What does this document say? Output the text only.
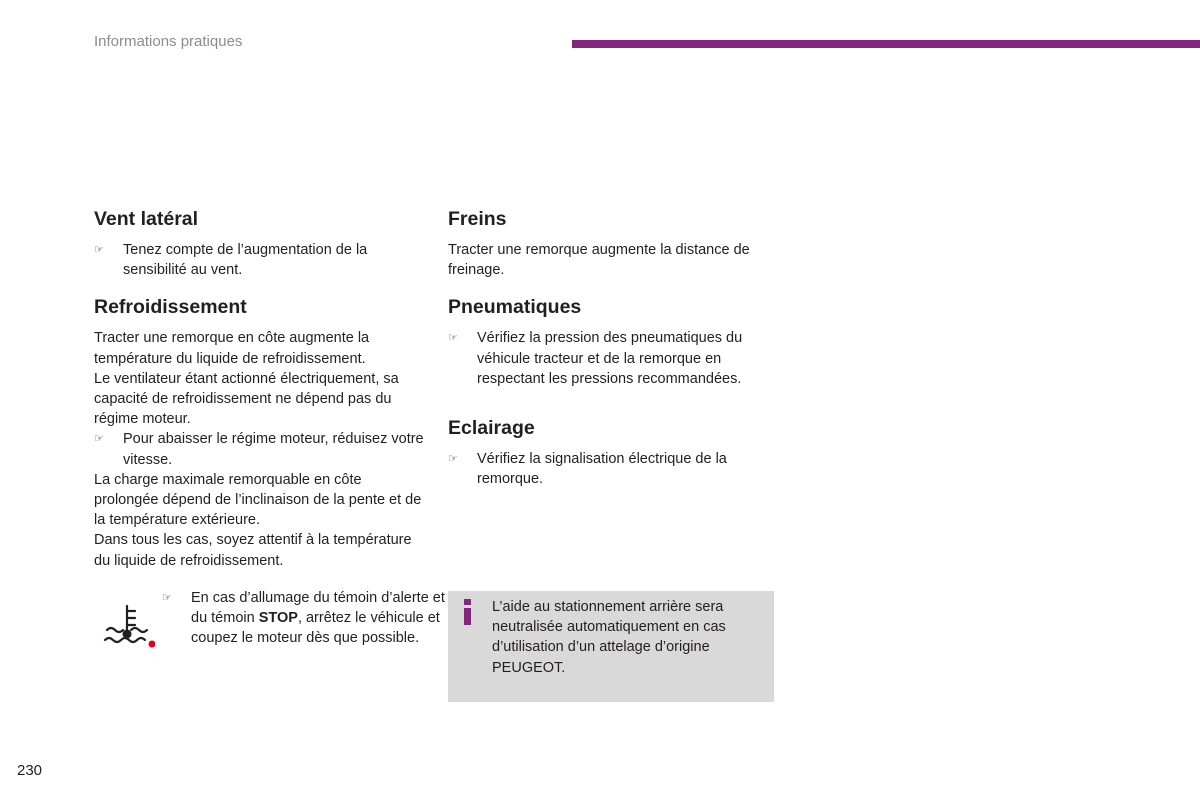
Informations pratiques
Vent latéral
☞ Tenez compte de l’augmentation de la sensibilité au vent.
Refroidissement

Tracter une remorque en côte augmente la température du liquide de refroidissement.

Le ventilateur étant actionné électriquement, sa capacité de refroidissement ne dépend pas du régime moteur.

☞ Pour abaisser le régime moteur, réduisez votre vitesse.

La charge maximale remorquable en côte prolongée dépend de l’inclinaison de la pente et de la température extérieure.

Dans tous les cas, soyez attentif à la température du liquide de refroidissement.

☞ En cas d’allumage du témoin d’alerte et du témoin STOP, arrêtez le véhicule et coupez le moteur dès que possible.
Freins

Tracter une remorque augmente la distance de freinage.

Pneumatiques
☞ Vérifiez la pression des pneumatiques du véhicule tracteur et de la remorque en respectant les pressions recommandées.
Eclairage
☞ Vérifiez la signalisation électrique de la remorque.
L’aide au stationnement arrière sera neutralisée automatiquement en cas d’utilisation d’un attelage d’origine PEUGEOT.
230
